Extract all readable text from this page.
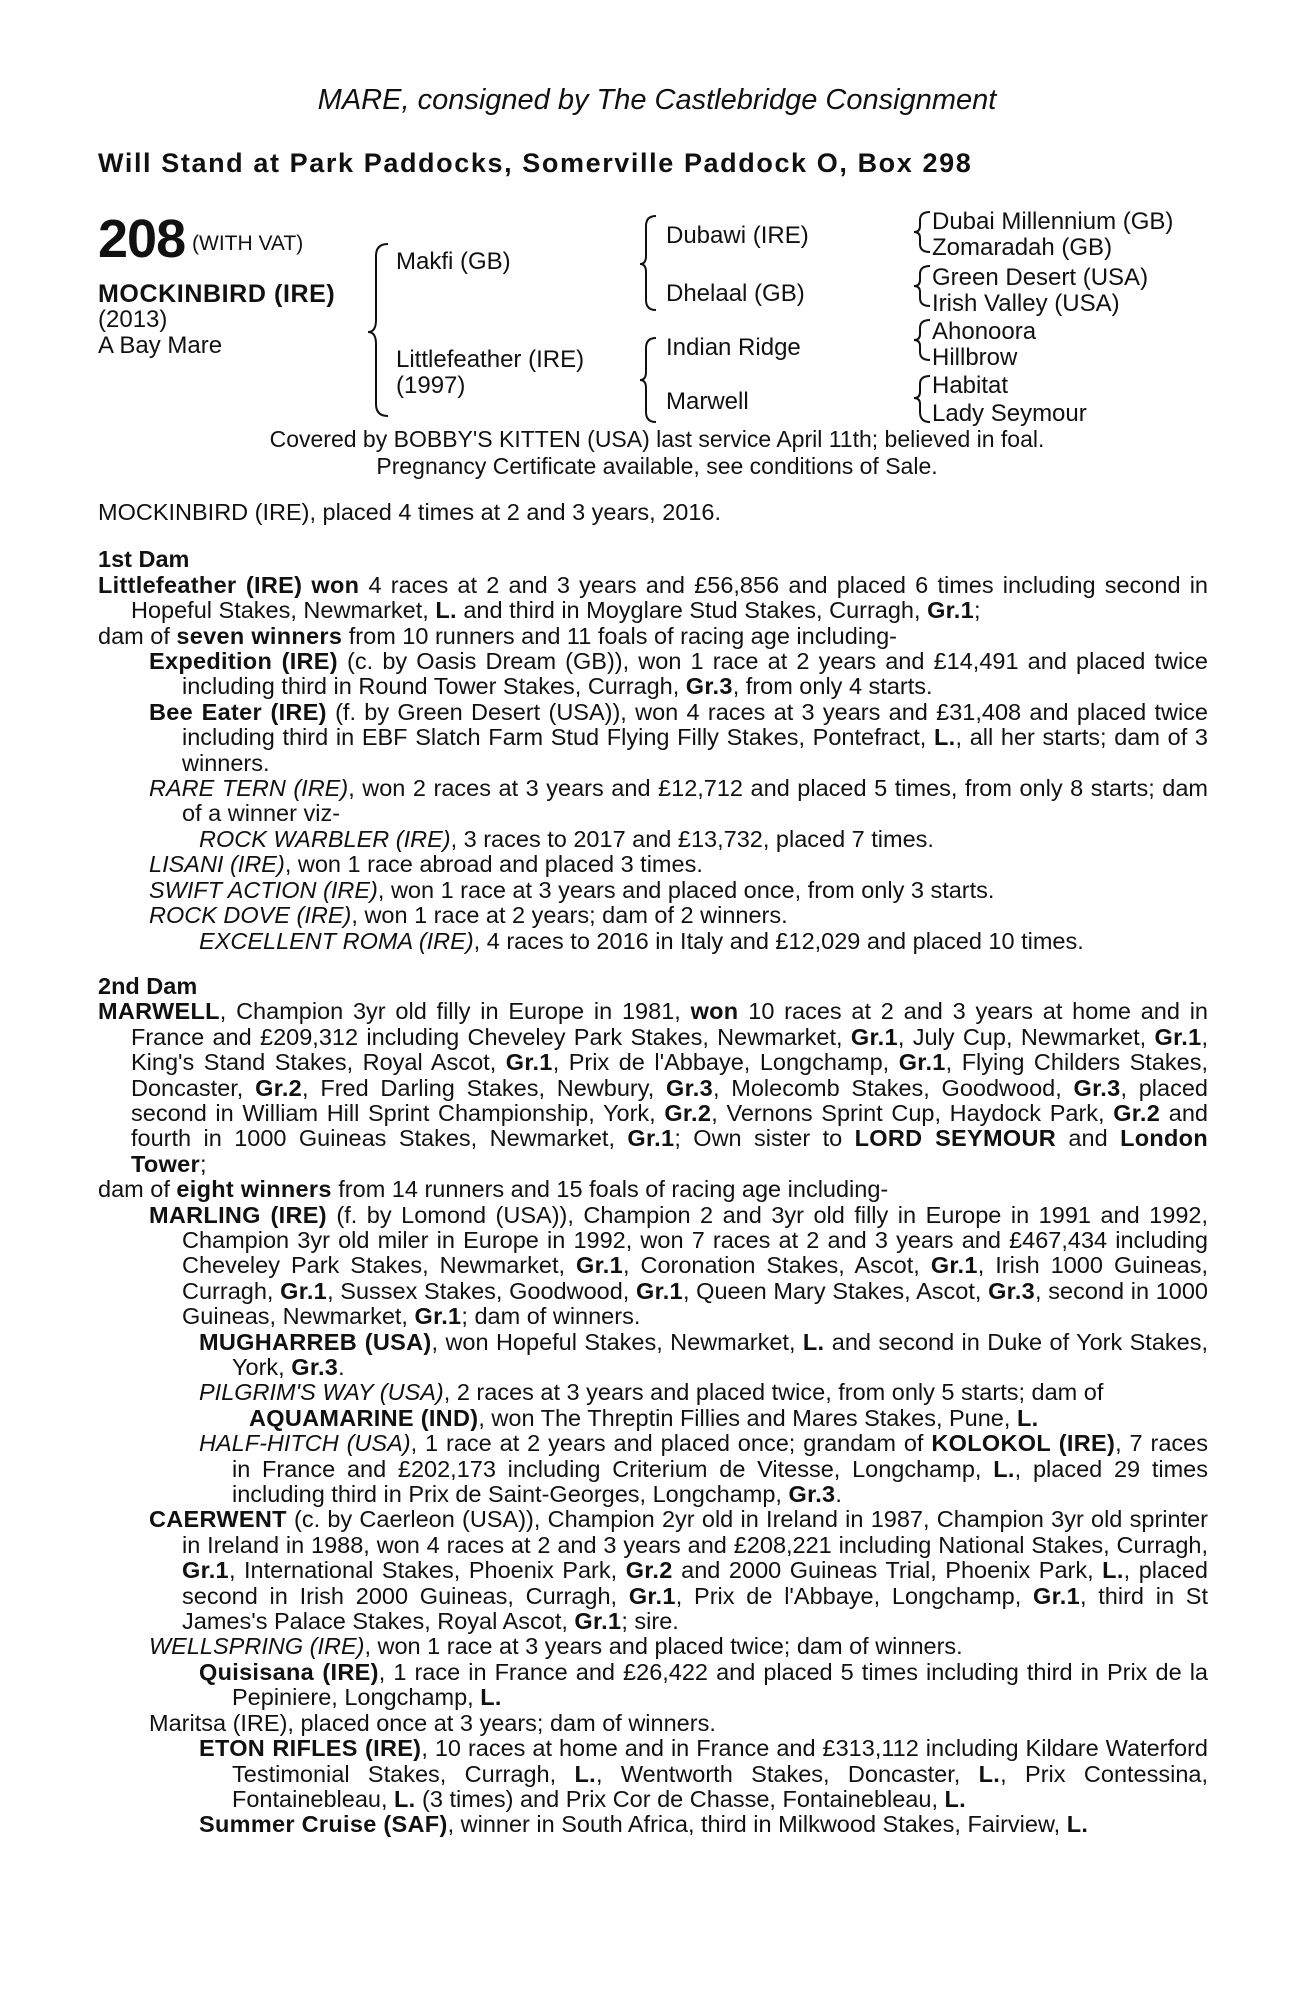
MARE, consigned by The Castlebridge Consignment
Will Stand at Park Paddocks, Somerville Paddock O, Box 298
208 (WITH VAT)
MOCKINBIRD (IRE)
(2013)
A Bay Mare
Makfi (GB)
Littlefeather (IRE)
(1997)
Dubawi (IRE)
Dhelaal (GB)
Indian Ridge
Marwell
Dubai Millennium (GB)
Zomaradah (GB)
Green Desert (USA)
Irish Valley (USA)
Ahonoora
Hillbrow
Habitat
Lady Seymour
Covered by BOBBY'S KITTEN (USA) last service April 11th; believed in foal.
Pregnancy Certificate available, see conditions of Sale.

MOCKINBIRD (IRE), placed 4 times at 2 and 3 years, 2016.

1st Dam

Littlefeather (IRE) won 4 races at 2 and 3 years and £56,856 and placed 6 times including second in Hopeful Stakes, Newmarket, L. and third in Moyglare Stud Stakes, Curragh, Gr.1;

dam of seven winners from 10 runners and 11 foals of racing age including-

Expedition (IRE) (c. by Oasis Dream (GB)), won 1 race at 2 years and £14,491 and placed twice including third in Round Tower Stakes, Curragh, Gr.3, from only 4 starts.

Bee Eater (IRE) (f. by Green Desert (USA)), won 4 races at 3 years and £31,408 and placed twice including third in EBF Slatch Farm Stud Flying Filly Stakes, Pontefract, L., all her starts; dam of 3 winners.

RARE TERN (IRE), won 2 races at 3 years and £12,712 and placed 5 times, from only 8 starts; dam of a winner viz-

ROCK WARBLER (IRE), 3 races to 2017 and £13,732, placed 7 times.

LISANI (IRE), won 1 race abroad and placed 3 times.

SWIFT ACTION (IRE), won 1 race at 3 years and placed once, from only 3 starts.

ROCK DOVE (IRE), won 1 race at 2 years; dam of 2 winners.

EXCELLENT ROMA (IRE), 4 races to 2016 in Italy and £12,029 and placed 10 times.

2nd Dam

MARWELL, Champion 3yr old filly in Europe in 1981, won 10 races at 2 and 3 years at home and in France and £209,312 including Cheveley Park Stakes, Newmarket, Gr.1, July Cup, Newmarket, Gr.1, King's Stand Stakes, Royal Ascot, Gr.1, Prix de l'Abbaye, Longchamp, Gr.1, Flying Childers Stakes, Doncaster, Gr.2, Fred Darling Stakes, Newbury, Gr.3, Molecomb Stakes, Goodwood, Gr.3, placed second in William Hill Sprint Championship, York, Gr.2, Vernons Sprint Cup, Haydock Park, Gr.2 and fourth in 1000 Guineas Stakes, Newmarket, Gr.1; Own sister to LORD SEYMOUR and London Tower;

dam of eight winners from 14 runners and 15 foals of racing age including-

MARLING (IRE) (f. by Lomond (USA)), Champion 2 and 3yr old filly in Europe in 1991 and 1992, Champion 3yr old miler in Europe in 1992, won 7 races at 2 and 3 years and £467,434 including Cheveley Park Stakes, Newmarket, Gr.1, Coronation Stakes, Ascot, Gr.1, Irish 1000 Guineas, Curragh, Gr.1, Sussex Stakes, Goodwood, Gr.1, Queen Mary Stakes, Ascot, Gr.3, second in 1000 Guineas, Newmarket, Gr.1; dam of winners.

MUGHARREB (USA), won Hopeful Stakes, Newmarket, L. and second in Duke of York Stakes, York, Gr.3.

PILGRIM'S WAY (USA), 2 races at 3 years and placed twice, from only 5 starts; dam of

AQUAMARINE (IND), won The Threptin Fillies and Mares Stakes, Pune, L.

HALF-HITCH (USA), 1 race at 2 years and placed once; grandam of KOLOKOL (IRE), 7 races in France and £202,173 including Criterium de Vitesse, Longchamp, L., placed 29 times including third in Prix de Saint-Georges, Longchamp, Gr.3.

CAERWENT (c. by Caerleon (USA)), Champion 2yr old in Ireland in 1987, Champion 3yr old sprinter in Ireland in 1988, won 4 races at 2 and 3 years and £208,221 including National Stakes, Curragh, Gr.1, International Stakes, Phoenix Park, Gr.2 and 2000 Guineas Trial, Phoenix Park, L., placed second in Irish 2000 Guineas, Curragh, Gr.1, Prix de l'Abbaye, Longchamp, Gr.1, third in St James's Palace Stakes, Royal Ascot, Gr.1; sire.

WELLSPRING (IRE), won 1 race at 3 years and placed twice; dam of winners.

Quisisana (IRE), 1 race in France and £26,422 and placed 5 times including third in Prix de la Pepiniere, Longchamp, L.

Maritsa (IRE), placed once at 3 years; dam of winners.

ETON RIFLES (IRE), 10 races at home and in France and £313,112 including Kildare Waterford Testimonial Stakes, Curragh, L., Wentworth Stakes, Doncaster, L., Prix Contessina, Fontainebleau, L. (3 times) and Prix Cor de Chasse, Fontainebleau, L.

Summer Cruise (SAF), winner in South Africa, third in Milkwood Stakes, Fairview, L.
